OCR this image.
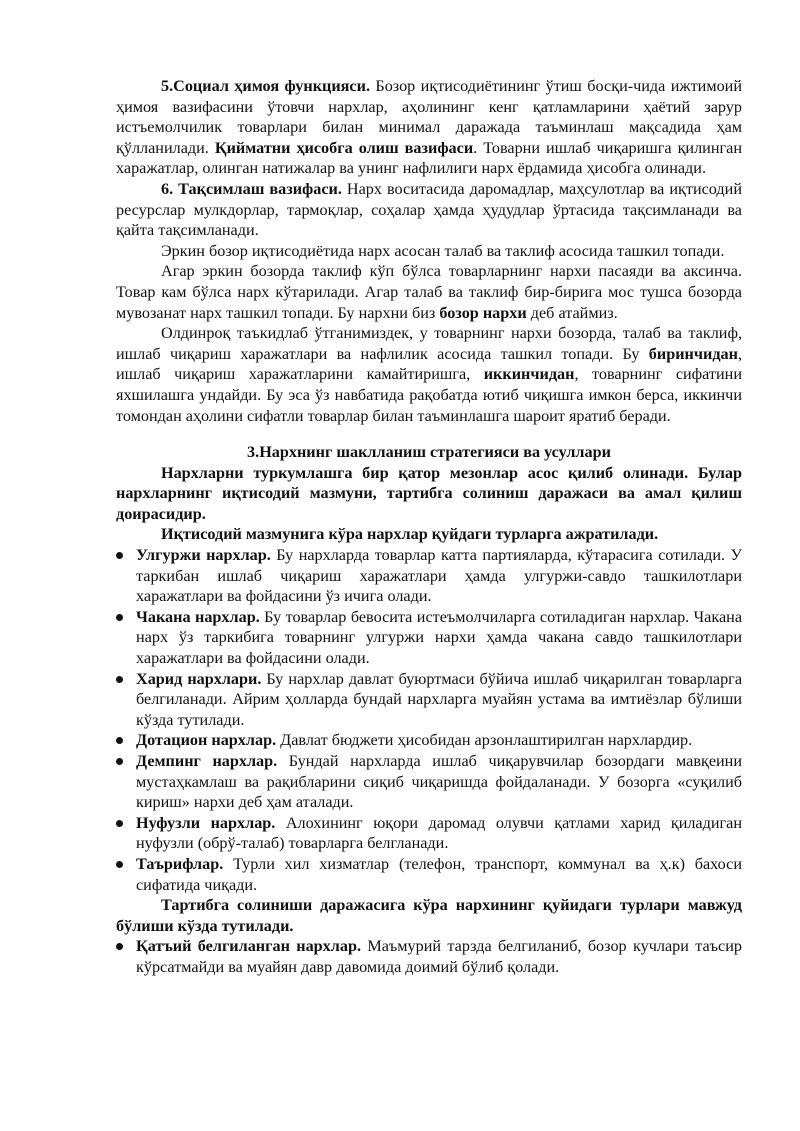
5.Социал ҳимоя функцияси. Бозор иқтисодиётининг ўтиш босқи-чида ижтимоий ҳимоя вазифасини ўтовчи нархлар, аҳолининг кенг қатламларини ҳаётий зарур истъемолчилик товарлари билан минимал даражада таъминлаш мақсадида ҳам қўлланилади. Қийматни ҳисобга олиш вазифаси. Товарни ишлаб чиқаришга қилинган харажатлар, олинган натижалар ва унинг нафлилиги нарх ёрдамида ҳисобга олинади.

6. Тақсимлаш вазифаси. Нарх воситасида даромадлар, маҳсулотлар ва иқтисодий ресурслар мулкдорлар, тармоқлар, соҳалар ҳамда ҳудудлар ўртасида тақсимланади ва қайта тақсимланади.

Эркин бозор иқтисодиётида нарх асосан талаб ва таклиф асосида ташкил топади.

Агар эркин бозорда таклиф кўп бўлса товарларнинг нархи пасаяди ва аксинча. Товар кам бўлса нарх кўтарилади. Агар талаб ва таклиф бир-бирига мос тушса бозорда мувозанат нарх ташкил топади. Бу нархни биз бозор нархи деб атаймиз.

Олдинроқ таъкидлаб ўтганимиздек, у товарнинг нархи бозорда, талаб ва таклиф, ишлаб чиқариш харажатлари ва нафлилик асосида ташкил топади. Бу биринчидан, ишлаб чиқариш харажатларини камайтиришга, иккинчидан, товарнинг сифатини яхшилашга ундайди. Бу эса ўз навбатида рақобатда ютиб чиқишга имкон берса, иккинчи томондан аҳолини сифатли товарлар билан таъминлашга шароит яратиб беради.

3.Нархнинг шаклланиш стратегияси ва усуллари

Нархларни туркумлашга бир қатор мезонлар асос қилиб олинади. Булар нархларнинг иқтисодий мазмуни, тартибга солиниш даражаси ва амал қилиш доирасидир.

Иқтисодий мазмунига кўра нархлар қуйдаги турларга ажратилади.

Улгуржи нархлар. Бу нархларда товарлар катта партияларда, кўтарасига сотилади. У таркибан ишлаб чиқариш харажатлари ҳамда улгуржи-савдо ташкилотлари харажатлари ва фойдасини ўз ичига олади.
Чакана нархлар. Бу товарлар бевосита истеъмолчиларга сотиладиган нархлар. Чакана нарх ўз таркибига товарнинг улгуржи нархи ҳамда чакана савдо ташкилотлари харажатлари ва фойдасини олади.
Харид нархлари. Бу нархлар давлат буюртмаси бўйича ишлаб чиқарилган товарларга белгиланади. Айрим ҳолларда бундай нархларга муайян устама ва имтиёзлар бўлиши кўзда тутилади.
Дотацион нархлар. Давлат бюджети ҳисобидан арзонлаштирилган нархлардир.
Демпинг нархлар. Бундай нархларда ишлаб чиқарувчилар бозордаги мавқеини мустаҳкамлаш ва рақибларини сиқиб чиқаришда фойдаланади. У бозорга «суқилиб кириш» нархи деб ҳам аталади.
Нуфузли нархлар. Алохининг юқори даромад олувчи қатлами харид қиладиган нуфузли (обрў-талаб) товарларга белгланади.
Таърифлар. Турли хил хизматлар (телефон, транспорт, коммунал ва ҳ.к) бахоси сифатида чиқади.

Тартибга солиниши даражасига кўра нархининг қуйидаги турлари мавжуд бўлиши кўзда тутилади.

Қатъий белгиланган нархлар. Маъмурий тарзда белгиланиб, бозор кучлари таъсир кўрсатмайди ва муайян давр давомида доимий бўлиб қолади.
